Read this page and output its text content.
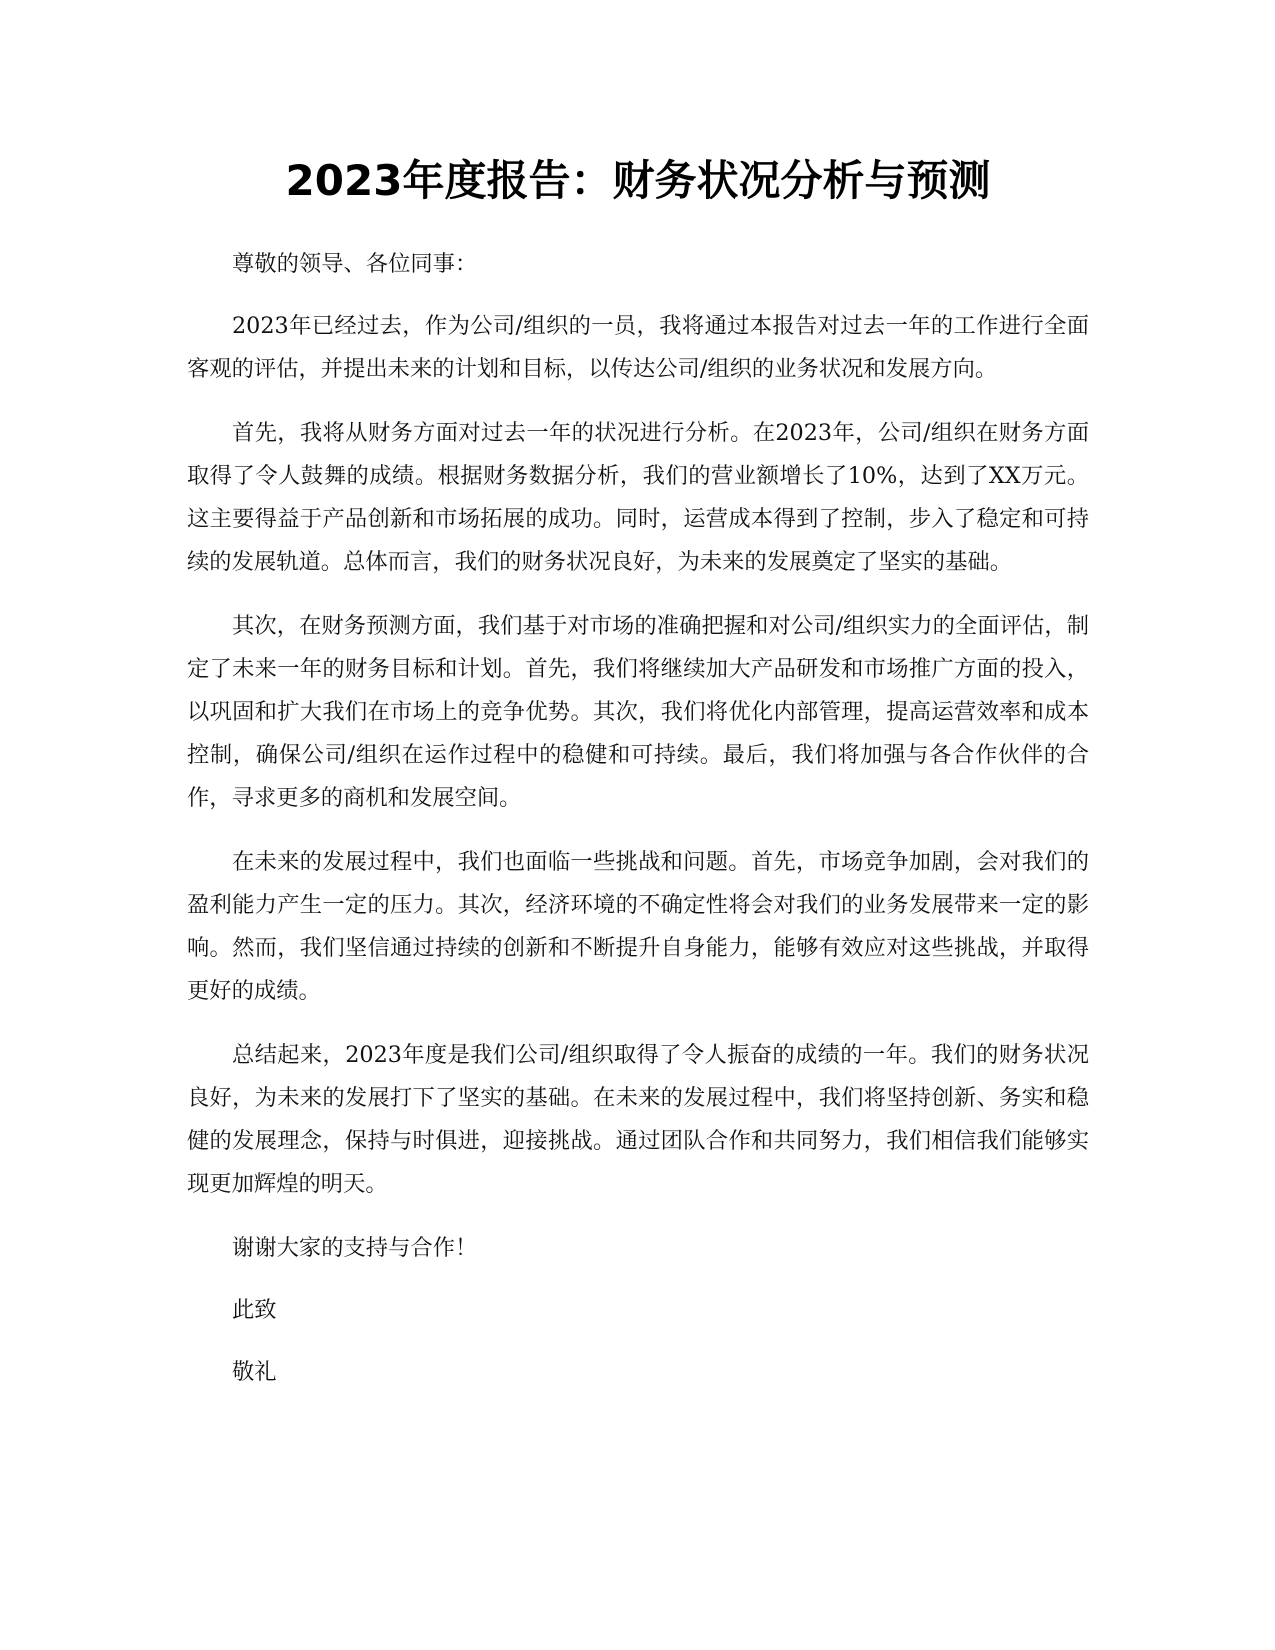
2023年度报告：财务状况分析与预测

尊敬的领导、各位同事：

2023年已经过去，作为公司/组织的一员，我将通过本报告对过去一年的工作进行全面客观的评估，并提出未来的计划和目标，以传达公司/组织的业务状况和发展方向。

首先，我将从财务方面对过去一年的状况进行分析。在2023年，公司/组织在财务方面取得了令人鼓舞的成绩。根据财务数据分析，我们的营业额增长了10%，达到了XX万元。这主要得益于产品创新和市场拓展的成功。同时，运营成本得到了控制，步入了稳定和可持续的发展轨道。总体而言，我们的财务状况良好，为未来的发展奠定了坚实的基础。

其次，在财务预测方面，我们基于对市场的准确把握和对公司/组织实力的全面评估，制定了未来一年的财务目标和计划。首先，我们将继续加大产品研发和市场推广方面的投入，以巩固和扩大我们在市场上的竞争优势。其次，我们将优化内部管理，提高运营效率和成本控制，确保公司/组织在运作过程中的稳健和可持续。最后，我们将加强与各合作伙伴的合作，寻求更多的商机和发展空间。

在未来的发展过程中，我们也面临一些挑战和问题。首先，市场竞争加剧，会对我们的盈利能力产生一定的压力。其次，经济环境的不确定性将会对我们的业务发展带来一定的影响。然而，我们坚信通过持续的创新和不断提升自身能力，能够有效应对这些挑战，并取得更好的成绩。

总结起来，2023年度是我们公司/组织取得了令人振奋的成绩的一年。我们的财务状况良好，为未来的发展打下了坚实的基础。在未来的发展过程中，我们将坚持创新、务实和稳健的发展理念，保持与时俱进，迎接挑战。通过团队合作和共同努力，我们相信我们能够实现更加辉煌的明天。

谢谢大家的支持与合作！

此致

敬礼
